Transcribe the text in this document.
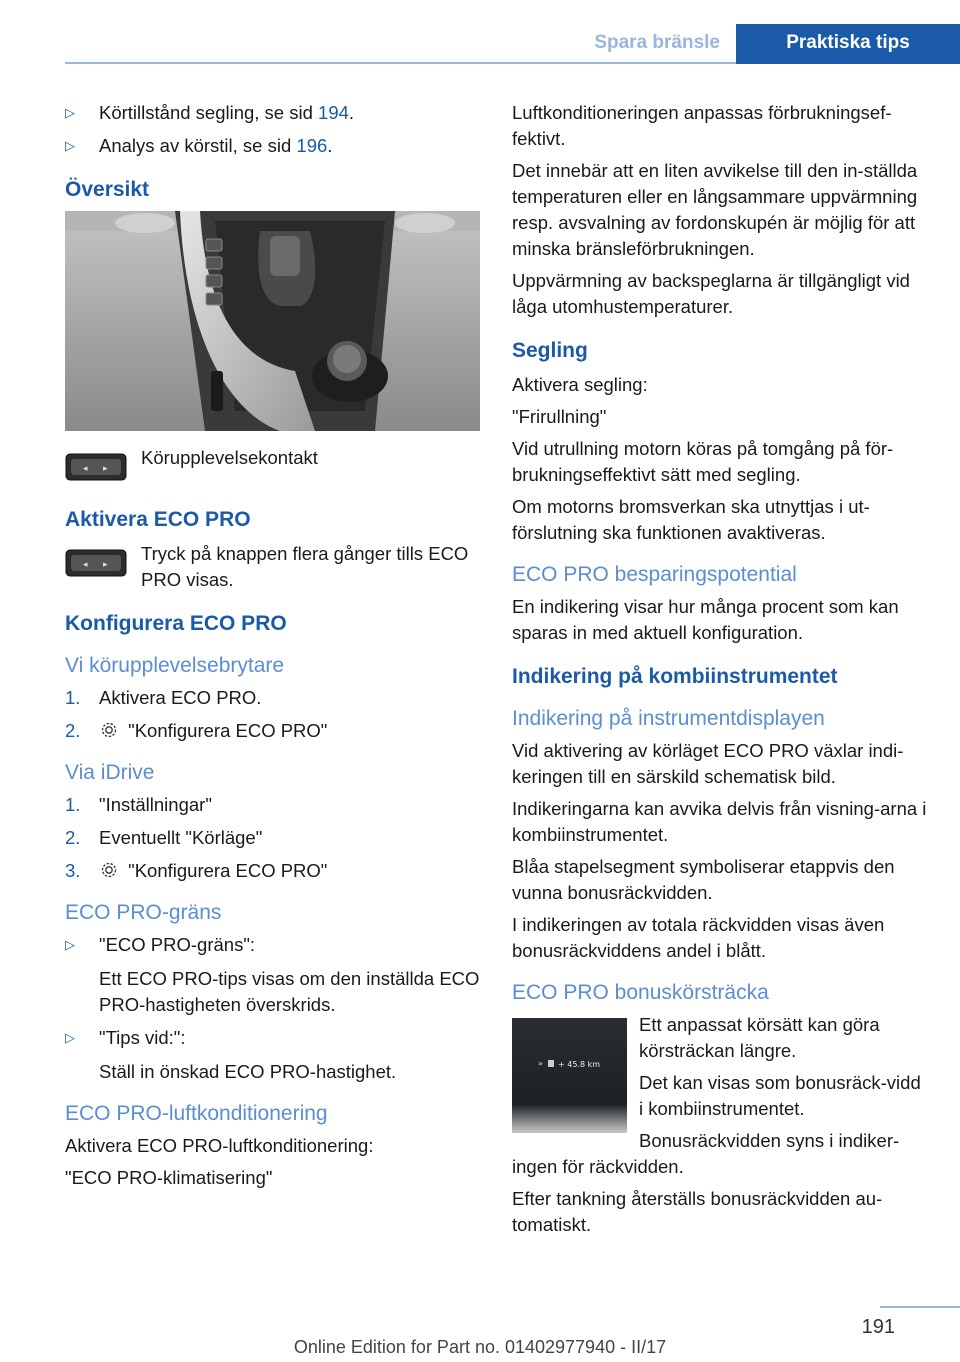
Spara bränsle	Praktiska tips
▷ Körtillstånd segling, se sid 194.
▷ Analys av körstil, se sid 196.
Översikt
◂ ▸
Körupplevelsekontakt
Aktivera ECO PRO
◂ ▸
Tryck på knappen flera gånger tills ECO PRO visas.
Konfigurera ECO PRO
Vi körupplevelsebrytare
1. Aktivera ECO PRO.
2.	"Konfigurera ECO PRO"
Via iDrive
1. "Inställningar"
2. Eventuellt "Körläge"
3.	"Konfigurera ECO PRO"
ECO PRO-gräns
▷ "ECO PRO-gräns":
Ett ECO PRO-tips visas om den inställda ECO PRO-hastigheten överskrids.
▷ "Tips vid:":
Ställ in önskad ECO PRO-hastighet.
ECO PRO-luftkonditionering

Aktivera ECO PRO-luftkonditionering:

"ECO PRO-klimatisering"

Luftkonditioneringen anpassas förbrukningsef-fektivt.

Det innebär att en liten avvikelse till den in-ställda temperaturen eller en långsammare uppvärmning resp. avsvalning av fordonskupén är möjlig för att minska bränsleförbrukningen.

Uppvärmning av backspeglarna är tillgängligt vid låga utomhustemperaturer.

Segling

Aktivera segling:

"Frirullning"

Vid utrullning motorn köras på tomgång på för-brukningseffektivt sätt med segling.

Om motorns bromsverkan ska utnyttjas i ut-förslutning ska funktionen avaktiveras.

ECO PRO besparingspotential

En indikering visar hur många procent som kan sparas in med aktuell konfiguration.

Indikering på kombiinstrumentet
Indikering på instrumentdisplayen

Vid aktivering av körläget ECO PRO växlar indi-keringen till en särskild schematisk bild.

Indikeringarna kan avvika delvis från visning-arna i kombiinstrumentet.

Blåa stapelsegment symboliserar etappvis den vunna bonusräckvidden.

I indikeringen av totala räckvidden visas även bonusräckviddens andel i blått.

ECO PRO bonuskörsträcka
» + 45.8 km

Ett anpassat körsätt kan göra körsträckan längre.

Det kan visas som bonusräck-vidd i kombiinstrumentet.

Bonusräckvidden syns i indiker-ingen för räckvidden.

Efter tankning återställs bonusräckvidden au-tomatiskt.

191
Online Edition for Part no. 01402977940 - II/17
